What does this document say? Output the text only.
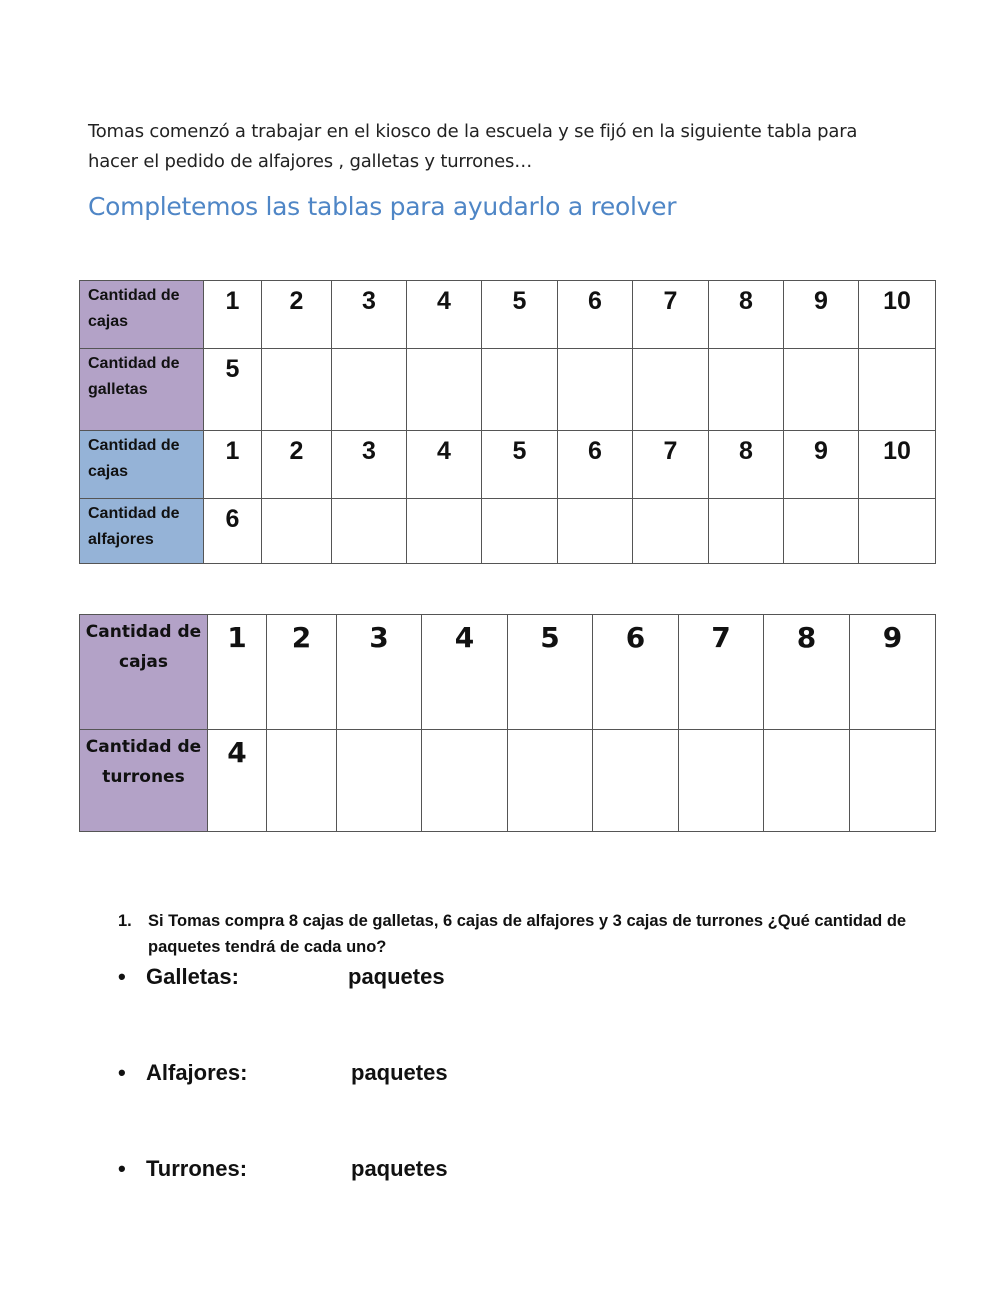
Tomas comenzó a trabajar en el kiosco de la escuela y se fijó en la siguiente tabla para
hacer el pedido de alfajores , galletas y turrones…
Completemos las tablas para ayudarlo a reolver
Cantidad de cajas	1	2	3	4	5	6	7	8	9	10
Cantidad de galletas	5									
Cantidad de cajas	1	2	3	4	5	6	7	8	9	10
Cantidad de alfajores	6									
Cantidad de cajas	1	2	3	4	5	6	7	8	9
Cantidad de turrones	4								
1. Si Tomas compra 8 cajas de galletas, 6 cajas de alfajores y 3 cajas de turrones ¿Qué cantidad de paquetes tendrá de cada uno?
• Galletas:	paquetes
• Alfajores:	paquetes
• Turrones:	paquetes
